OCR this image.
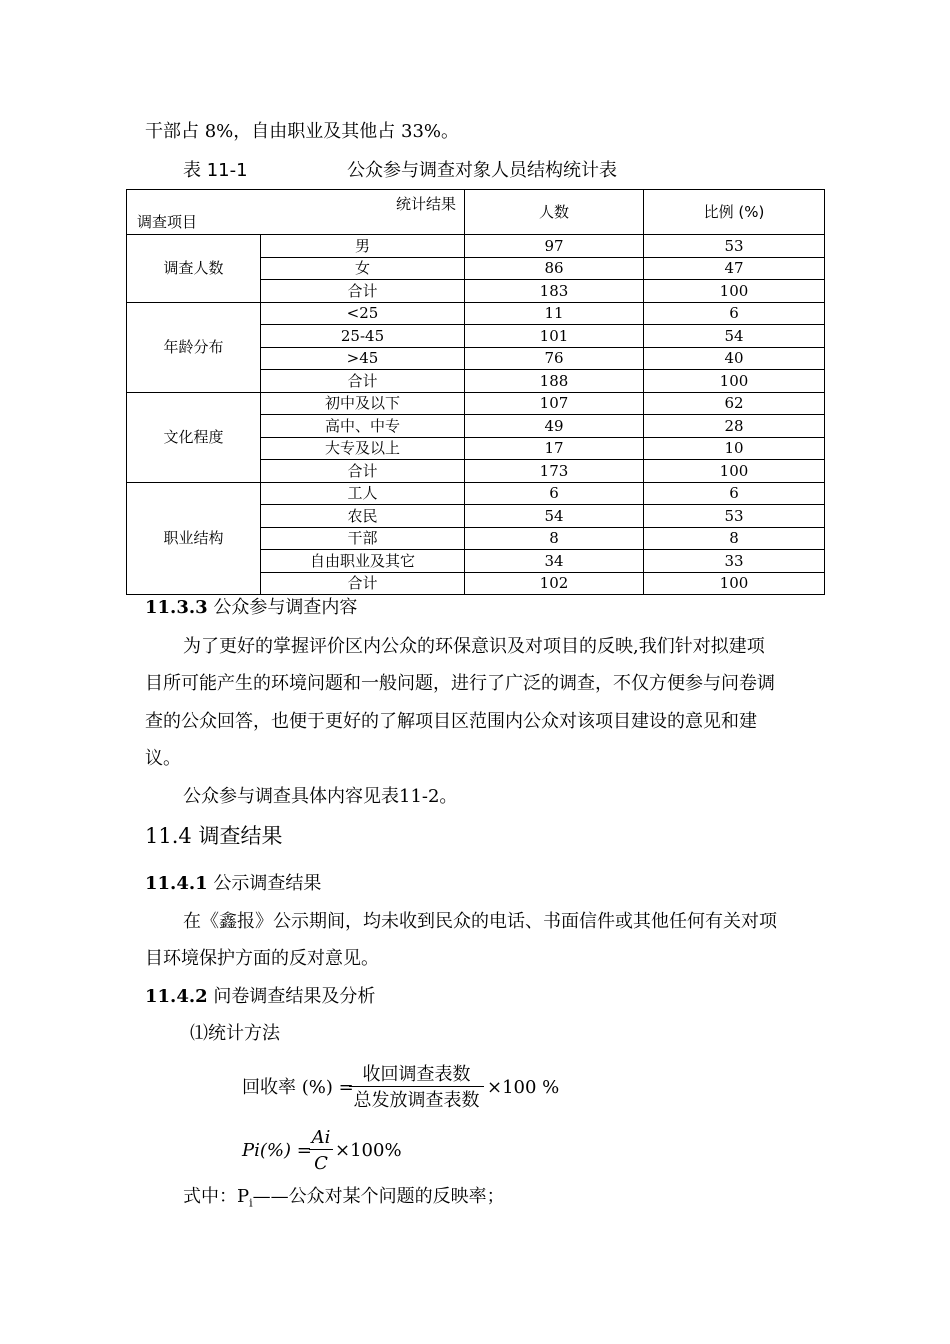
干部占 8%，自由职业及其他占 33%。
表 11-1	公众参与调查对象人员结构统计表
统计结果
调查项目		人数	比例 (%)
调查人数	男	97	53
	女	86	47
	合计	183	100
年龄分布	<25	11	6
	25-45	101	54
	>45	76	40
	合计	188	100
文化程度	初中及以下	107	62
	高中、中专	49	28
	大专及以上	17	10
	合计	173	100
职业结构	工人	6	6
	农民	54	53
	干部	8	8
	自由职业及其它	34	33
	合计	102	100
11.3.3 公众参与调查内容
为了更好的掌握评价区内公众的环保意识及对项目的反映,我们针对拟建项
目所可能产生的环境问题和一般问题，进行了广泛的调查，不仅方便参与问卷调
查的公众回答，也便于更好的了解项目区范围内公众对该项目建设的意见和建
议。
公众参与调查具体内容见表11-2。
11.4 调查结果
11.4.1 公示调查结果
在《鑫报》公示期间，均未收到民众的电话、书面信件或其他任何有关对项
目环境保护方面的反对意见。
11.4.2 问卷调查结果及分析
⑴统计方法
回收率 (%) =
收回调查表数
总发放调查表数
×100 %
Pi(%) =
Ai
C
×100%
式中：$P_i——$公众对某个问题的反映率；
